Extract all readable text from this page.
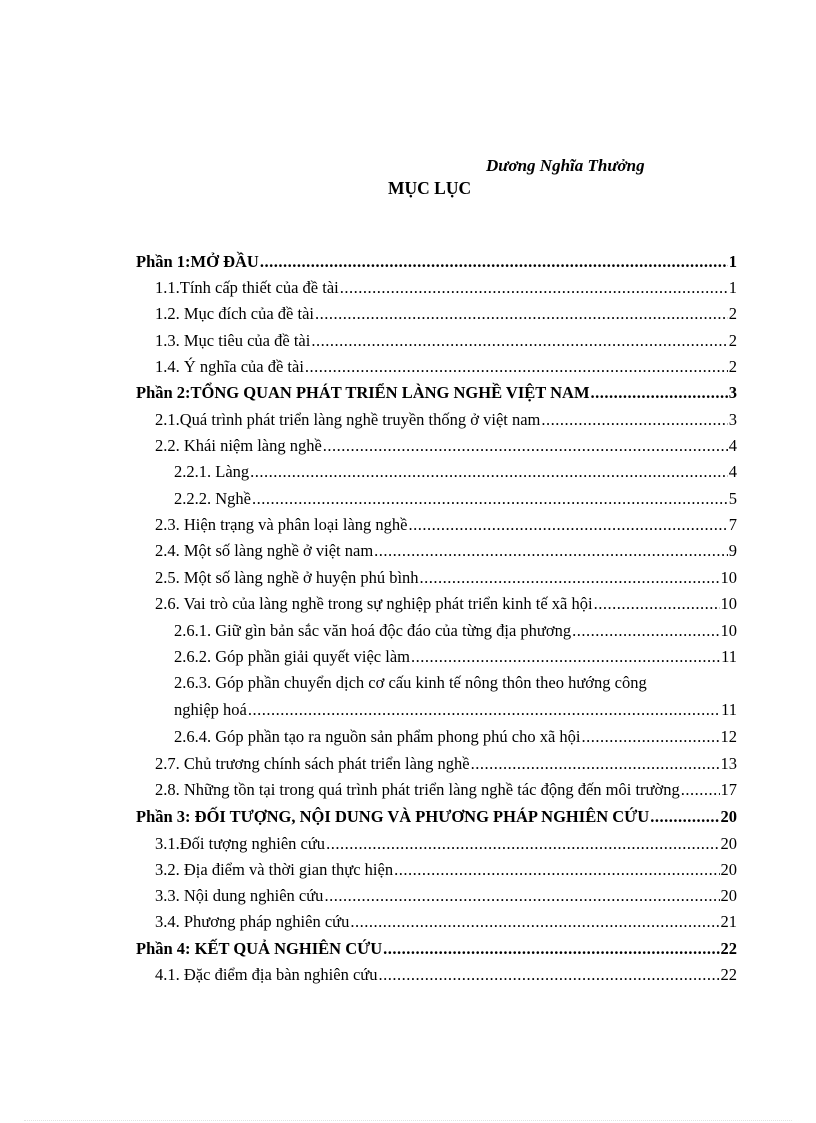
Dương Nghĩa Thưởng
MỤC LỤC
Phần 1:MỞ ĐẦU .....	1
1.1.Tính cấp thiết của đề tài .....	1
1.2. Mục đích của đề tài .....	2
1.3. Mục tiêu của đề tài .....	2
1.4. Ý nghĩa của đề tài .....	2
Phần 2:TỔNG QUAN PHÁT TRIỂN LÀNG NGHỀ VIỆT NAM .....	3
2.1.Quá trình phát triển làng nghề truyền thống ở việt nam .....	3
2.2. Khái niệm làng nghề .....	4
2.2.1. Làng .....	4
2.2.2. Nghề .....	5
2.3. Hiện trạng và phân loại làng nghề .....	7
2.4. Một số làng nghề ở việt nam .....	9
2.5. Một số làng nghề ở huyện phú bình .....	10
2.6. Vai trò của làng nghề trong sự nghiệp phát triển kinh tế xã hội .....	10
2.6.1. Giữ gìn bản sắc văn hoá độc đáo của từng địa phương .....	10
2.6.2. Góp phần giải quyết việc làm .....	11
2.6.3. Góp phần chuyển dịch cơ cấu kinh tế nông thôn theo hướng công
nghiệp hoá .....	11
2.6.4. Góp phần tạo ra nguồn sản phẩm phong phú cho xã hội .....	12
2.7. Chủ trương chính sách phát triển làng nghề .....	13
2.8. Những tồn tại trong quá trình phát triển làng nghề tác động đến môi trường ..... 17
Phần 3: ĐỐI TƯỢNG, NỘI DUNG VÀ PHƯƠNG PHÁP NGHIÊN CỨU .....	20
3.1.Đối tượng nghiên cứu .....	20
3.2. Địa điểm và thời gian thực hiện .....	20
3.3. Nội dung nghiên cứu .....	20
3.4. Phương pháp nghiên cứu .....	21
Phần 4: KẾT QUẢ NGHIÊN CỨU .....	22
4.1. Đặc điểm địa bàn nghiên cứu .....	22
